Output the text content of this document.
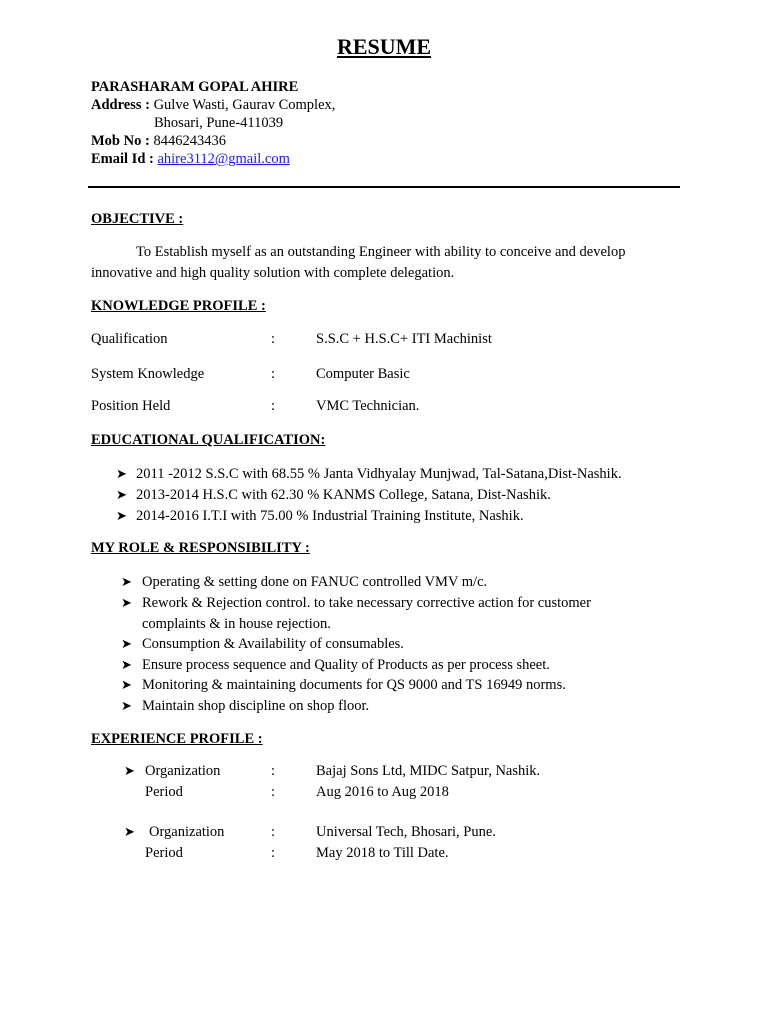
RESUME
PARASHARAM GOPAL AHIRE
Address : Gulve Wasti, Gaurav Complex,
Bhosari, Pune-411039
Mob No : 8446243436
Email Id : ahire3112@gmail.com
OBJECTIVE :
To Establish myself as an outstanding Engineer with ability to conceive and develop innovative and high quality solution with complete delegation.
KNOWLEDGE PROFILE :
Qualification	:	S.S.C + H.S.C+ ITI Machinist
System Knowledge	:	Computer Basic
Position Held	:	VMC Technician.
EDUCATIONAL QUALIFICATION:
➤ 2011 -2012 S.S.C with 68.55 % Janta Vidhyalay Munjwad, Tal-Satana,Dist-Nashik.
➤ 2013-2014 H.S.C with 62.30 % KANMS College, Satana, Dist-Nashik.
➤ 2014-2016 I.T.I with 75.00 % Industrial Training Institute, Nashik.
MY ROLE & RESPONSIBILITY :
➤ Operating & setting done on FANUC controlled VMV m/c.
➤ Rework & Rejection control. to take necessary corrective action for customer complaints & in house rejection.
➤ Consumption & Availability of consumables.
➤ Ensure process sequence and Quality of Products as per process sheet.
➤ Monitoring & maintaining documents for QS 9000 and TS 16949 norms.
➤ Maintain shop discipline on shop floor.
EXPERIENCE PROFILE :
➤ Organization	:	Bajaj Sons Ltd, MIDC Satpur, Nashik.
Period	:	Aug 2016 to Aug 2018
➤ Organization	:	Universal Tech, Bhosari, Pune.
Period	:	May 2018 to Till Date.
